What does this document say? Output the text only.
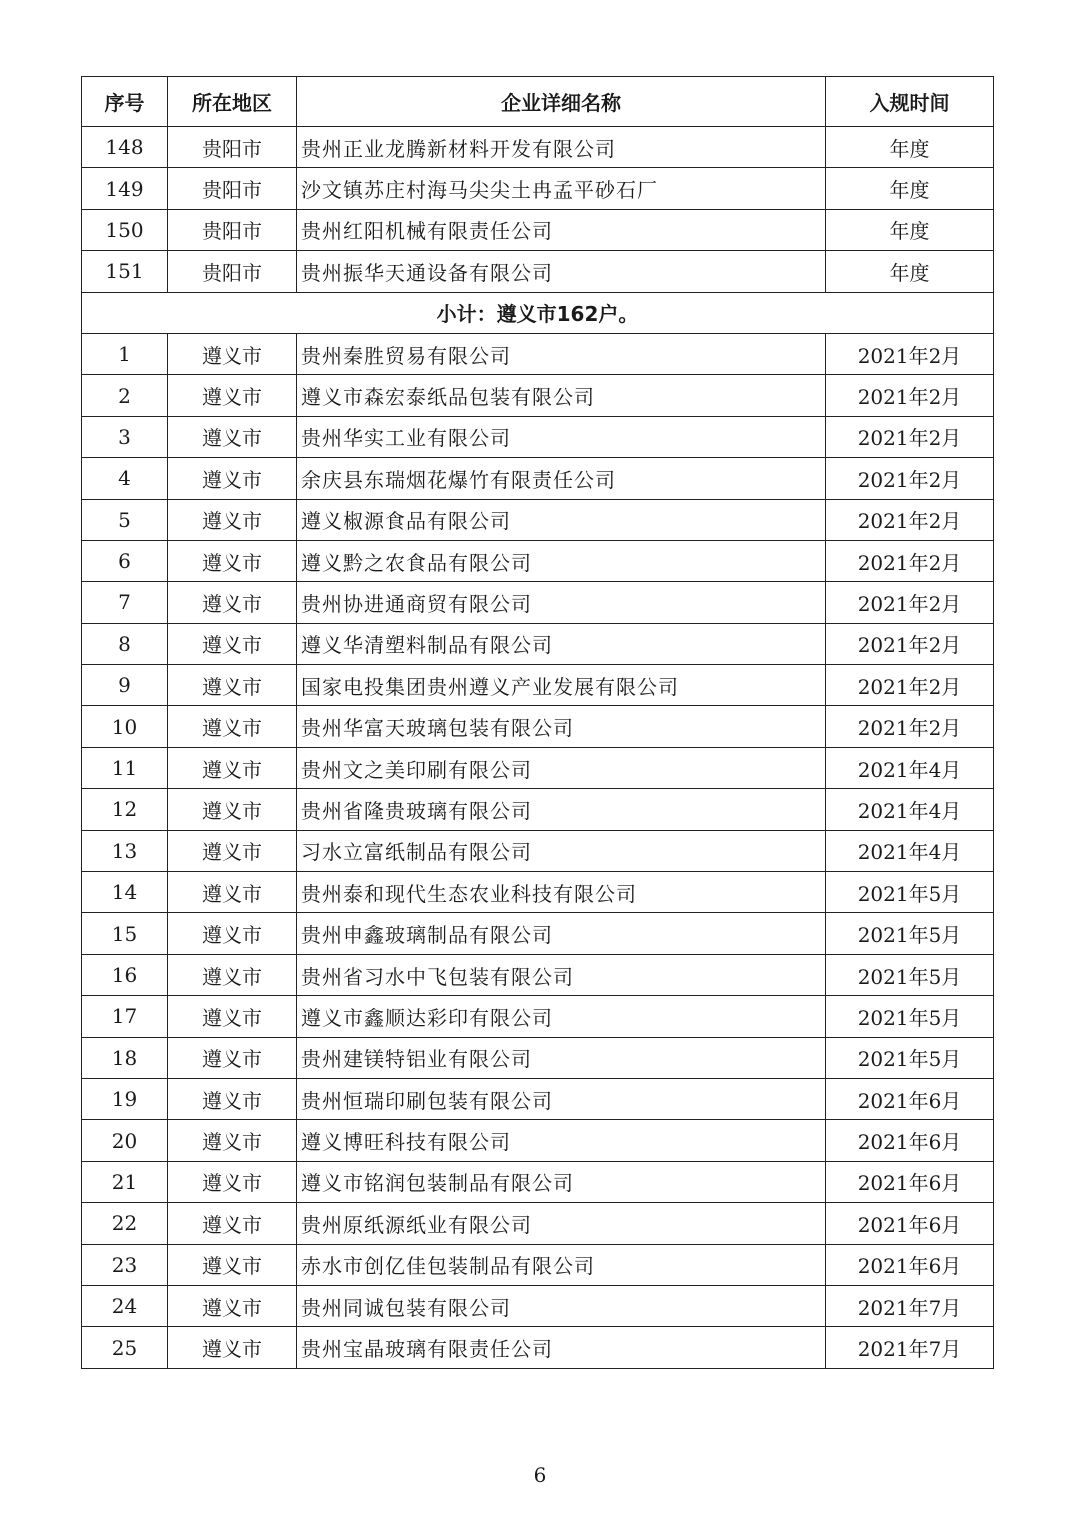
序号	所在地区	企业详细名称	入规时间
148	贵阳市	贵州正业龙腾新材料开发有限公司	年度
149	贵阳市	沙文镇苏庄村海马尖尖土冉孟平砂石厂	年度
150	贵阳市	贵州红阳机械有限责任公司	年度
151	贵阳市	贵州振华天通设备有限公司	年度
小计：遵义市162户。			
1	遵义市	贵州秦胜贸易有限公司	2021年2月
2	遵义市	遵义市森宏泰纸品包装有限公司	2021年2月
3	遵义市	贵州华实工业有限公司	2021年2月
4	遵义市	余庆县东瑞烟花爆竹有限责任公司	2021年2月
5	遵义市	遵义椒源食品有限公司	2021年2月
6	遵义市	遵义黔之农食品有限公司	2021年2月
7	遵义市	贵州协进通商贸有限公司	2021年2月
8	遵义市	遵义华清塑料制品有限公司	2021年2月
9	遵义市	国家电投集团贵州遵义产业发展有限公司	2021年2月
10	遵义市	贵州华富天玻璃包装有限公司	2021年2月
11	遵义市	贵州文之美印刷有限公司	2021年4月
12	遵义市	贵州省隆贵玻璃有限公司	2021年4月
13	遵义市	习水立富纸制品有限公司	2021年4月
14	遵义市	贵州泰和现代生态农业科技有限公司	2021年5月
15	遵义市	贵州申鑫玻璃制品有限公司	2021年5月
16	遵义市	贵州省习水中飞包装有限公司	2021年5月
17	遵义市	遵义市鑫顺达彩印有限公司	2021年5月
18	遵义市	贵州建镁特铝业有限公司	2021年5月
19	遵义市	贵州恒瑞印刷包装有限公司	2021年6月
20	遵义市	遵义博旺科技有限公司	2021年6月
21	遵义市	遵义市铭润包装制品有限公司	2021年6月
22	遵义市	贵州原纸源纸业有限公司	2021年6月
23	遵义市	赤水市创亿佳包装制品有限公司	2021年6月
24	遵义市	贵州同诚包装有限公司	2021年7月
25	遵义市	贵州宝晶玻璃有限责任公司	2021年7月
6
